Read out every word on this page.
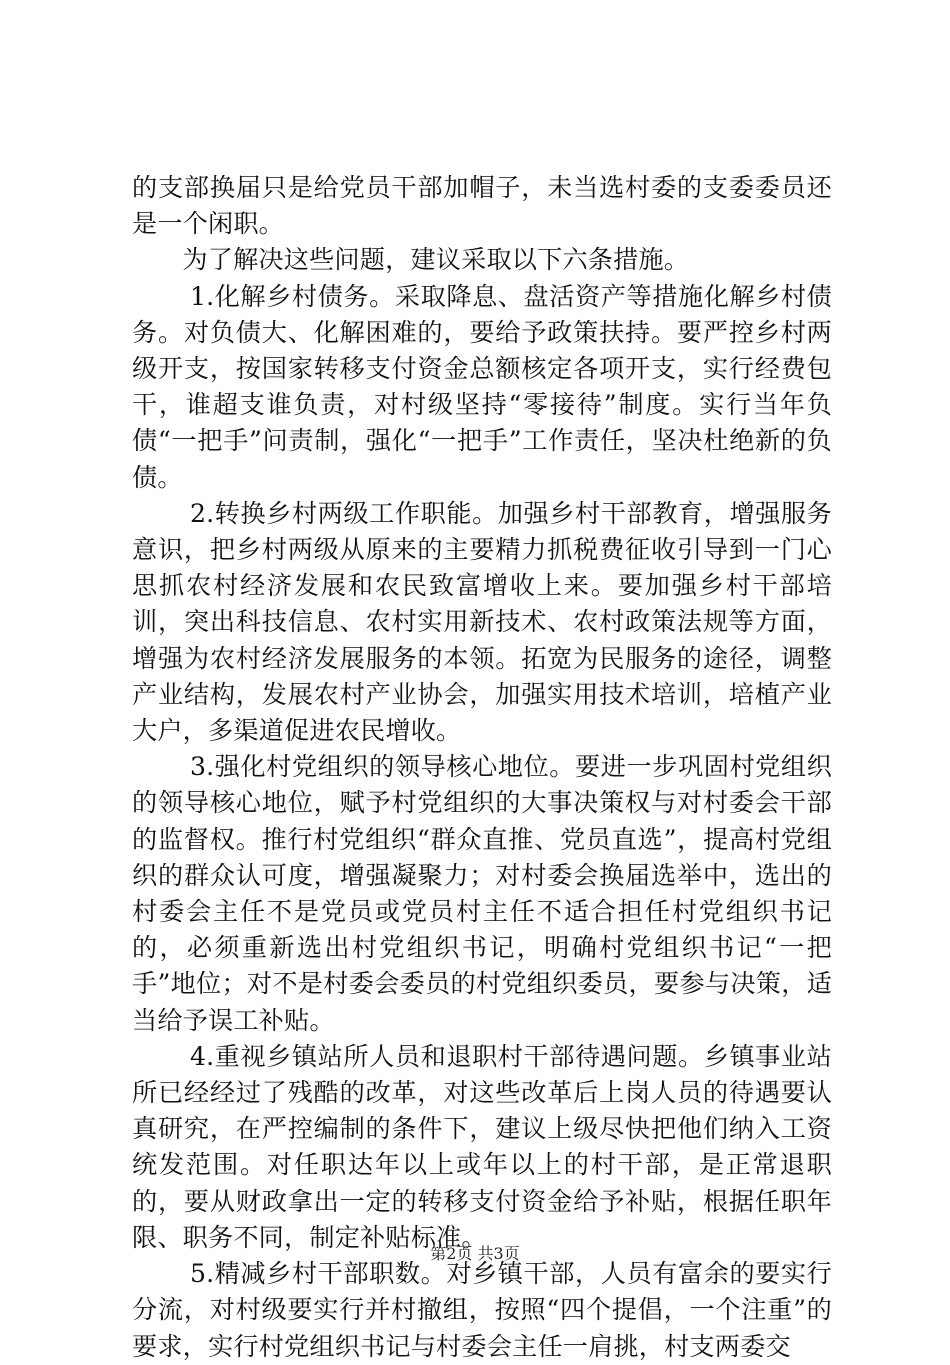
的支部换届只是给党员干部加帽子，未当选村委的支委委员还是一个闲职。

为了解决这些问题，建议采取以下六条措施。

1.化解乡村债务。采取降息、盘活资产等措施化解乡村债务。对负债大、化解困难的，要给予政策扶持。要严控乡村两级开支，按国家转移支付资金总额核定各项开支，实行经费包干，谁超支谁负责，对村级坚持“零接待”制度。实行当年负债“一把手”问责制，强化“一把手”工作责任，坚决杜绝新的负债。

2.转换乡村两级工作职能。加强乡村干部教育，增强服务意识，把乡村两级从原来的主要精力抓税费征收引导到一门心思抓农村经济发展和农民致富增收上来。要加强乡村干部培训，突出科技信息、农村实用新技术、农村政策法规等方面，增强为农村经济发展服务的本领。拓宽为民服务的途径，调整产业结构，发展农村产业协会，加强实用技术培训，培植产业大户，多渠道促进农民增收。

3.强化村党组织的领导核心地位。要进一步巩固村党组织的领导核心地位，赋予村党组织的大事决策权与对村委会干部的监督权。推行村党组织“群众直推、党员直选”，提高村党组织的群众认可度，增强凝聚力；对村委会换届选举中，选出的村委会主任不是党员或党员村主任不适合担任村党组织书记的，必须重新选出村党组织书记，明确村党组织书记“一把手”地位；对不是村委会委员的村党组织委员，要参与决策，适当给予误工补贴。

4.重视乡镇站所人员和退职村干部待遇问题。乡镇事业站所已经经过了残酷的改革，对这些改革后上岗人员的待遇要认真研究，在严控编制的条件下，建议上级尽快把他们纳入工资统发范围。对任职达年以上或年以上的村干部，是正常退职的，要从财政拿出一定的转移支付资金给予补贴，根据任职年限、职务不同，制定补贴标准。

5.精减乡村干部职数。对乡镇干部，人员有富余的要实行分流，对村级要实行并村撤组，按照“四个提倡，一个注重”的要求，实行村党组织书记与村委会主任一肩挑，村支两委交

第2页 共3页
